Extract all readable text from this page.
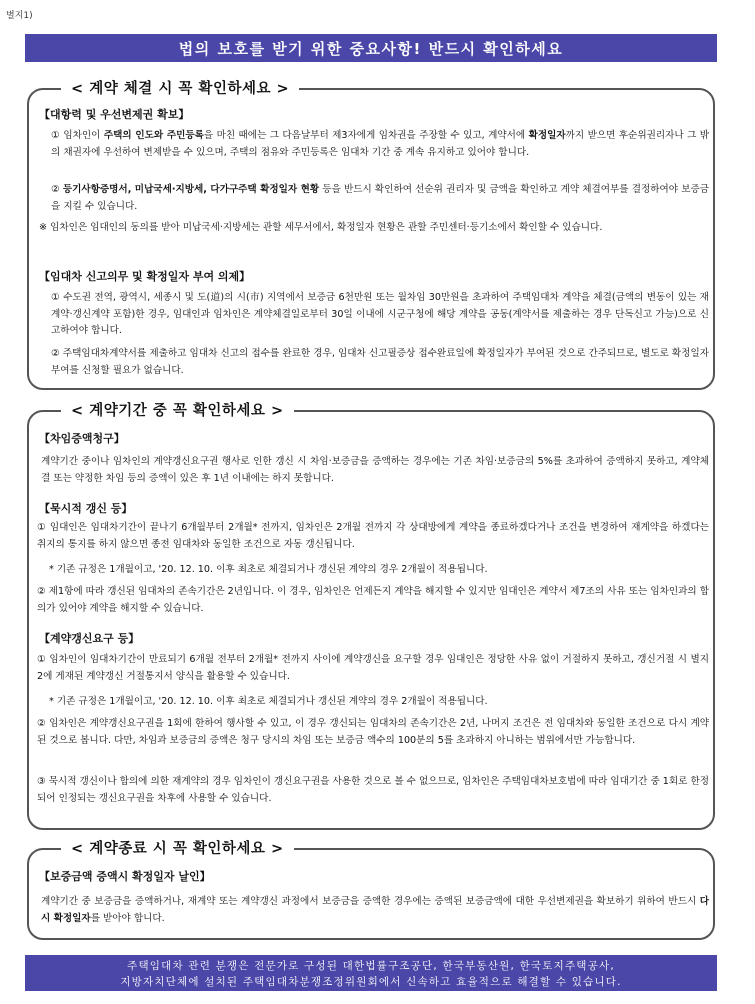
별지1)
법의 보호를 받기 위한 중요사항! 반드시 확인하세요
< 계약 체결 시 꼭 확인하세요 >
【대항력 및 우선변제권 확보】
① 임차인이 주택의 인도와 주민등록을 마친 때에는 그 다음날부터 제3자에게 임차권을 주장할 수 있고, 계약서에 확정일자까지 받으면 후순위권리자나 그 밖의 채권자에 우선하여 변제받을 수 있으며, 주택의 점유와 주민등록은 임대차 기간 중 계속 유지하고 있어야 합니다.
② 등기사항증명서, 미납국세·지방세, 다가구주택 확정일자 현황 등을 반드시 확인하여 선순위 권리자 및 금액을 확인하고 계약 체결여부를 결정하여야 보증금을 지킬 수 있습니다.
※ 임차인은 임대인의 동의를 받아 미납국세·지방세는 관할 세무서에서, 확정일자 현황은 관할 주민센터·등기소에서 확인할 수 있습니다.
【임대차 신고의무 및 확정일자 부여 의제】
① 수도권 전역, 광역시, 세종시 및 도(道)의 시(市) 지역에서 보증금 6천만원 또는 월차임 30만원을 초과하여 주택임대차 계약을 체결(금액의 변동이 있는 재계약·갱신계약 포함)한 경우, 임대인과 임차인은 계약체결일로부터 30일 이내에 시군구청에 해당 계약을 공동(계약서를 제출하는 경우 단독신고 가능)으로 신고하여야 합니다.
② 주택임대차계약서를 제출하고 임대차 신고의 접수를 완료한 경우, 임대차 신고필증상 접수완료일에 확정일자가 부여된 것으로 간주되므로, 별도로 확정일자 부여를 신청할 필요가 없습니다.
< 계약기간 중 꼭 확인하세요 >
【차임증액청구】
계약기간 중이나 임차인의 계약갱신요구권 행사로 인한 갱신 시 차임·보증금을 증액하는 경우에는 기존 차임·보증금의 5%를 초과하여 증액하지 못하고, 계약체결 또는 약정한 차임 등의 증액이 있은 후 1년 이내에는 하지 못합니다.
【묵시적 갱신 등】
① 임대인은 임대차기간이 끝나기 6개월부터 2개월* 전까지, 임차인은 2개월 전까지 각 상대방에게 계약을 종료하겠다거나 조건을 변경하여 재계약을 하겠다는 취지의 통지를 하지 않으면 종전 임대차와 동일한 조건으로 자동 갱신됩니다.
* 기존 규정은 1개월이고, '20. 12. 10. 이후 최초로 체결되거나 갱신된 계약의 경우 2개월이 적용됩니다.
② 제1항에 따라 갱신된 임대차의 존속기간은 2년입니다. 이 경우, 임차인은 언제든지 계약을 해지할 수 있지만 임대인은 계약서 제7조의 사유 또는 임차인과의 합의가 있어야 계약을 해지할 수 있습니다.
【계약갱신요구 등】
① 임차인이 임대차기간이 만료되기 6개월 전부터 2개월* 전까지 사이에 계약갱신을 요구할 경우 임대인은 정당한 사유 없이 거절하지 못하고, 갱신거절 시 별지 2에 게재된 계약갱신 거절통지서 양식을 활용할 수 있습니다.
* 기존 규정은 1개월이고, '20. 12. 10. 이후 최초로 체결되거나 갱신된 계약의 경우 2개월이 적용됩니다.
② 임차인은 계약갱신요구권을 1회에 한하여 행사할 수 있고, 이 경우 갱신되는 임대차의 존속기간은 2년, 나머지 조건은 전 임대차와 동일한 조건으로 다시 계약된 것으로 봅니다. 다만, 차임과 보증금의 증액은 청구 당시의 차임 또는 보증금 액수의 100분의 5를 초과하지 아니하는 범위에서만 가능합니다.
③ 묵시적 갱신이나 합의에 의한 재계약의 경우 임차인이 갱신요구권을 사용한 것으로 볼 수 없으므로, 임차인은 주택임대차보호법에 따라 임대기간 중 1회로 한정되어 인정되는 갱신요구권을 차후에 사용할 수 있습니다.
< 계약종료 시 꼭 확인하세요 >
【보증금액 증액시 확정일자 날인】
계약기간 중 보증금을 증액하거나, 재계약 또는 계약갱신 과정에서 보증금을 증액한 경우에는 증액된 보증금액에 대한 우선변제권을 확보하기 위하여 반드시 다시 확정일자를 받아야 합니다.
주택임대차 관련 분쟁은 전문가로 구성된 대한법률구조공단, 한국부동산원, 한국토지주택공사,
지방자치단체에 설치된 주택임대차분쟁조정위원회에서 신속하고 효율적으로 해결할 수 있습니다.
